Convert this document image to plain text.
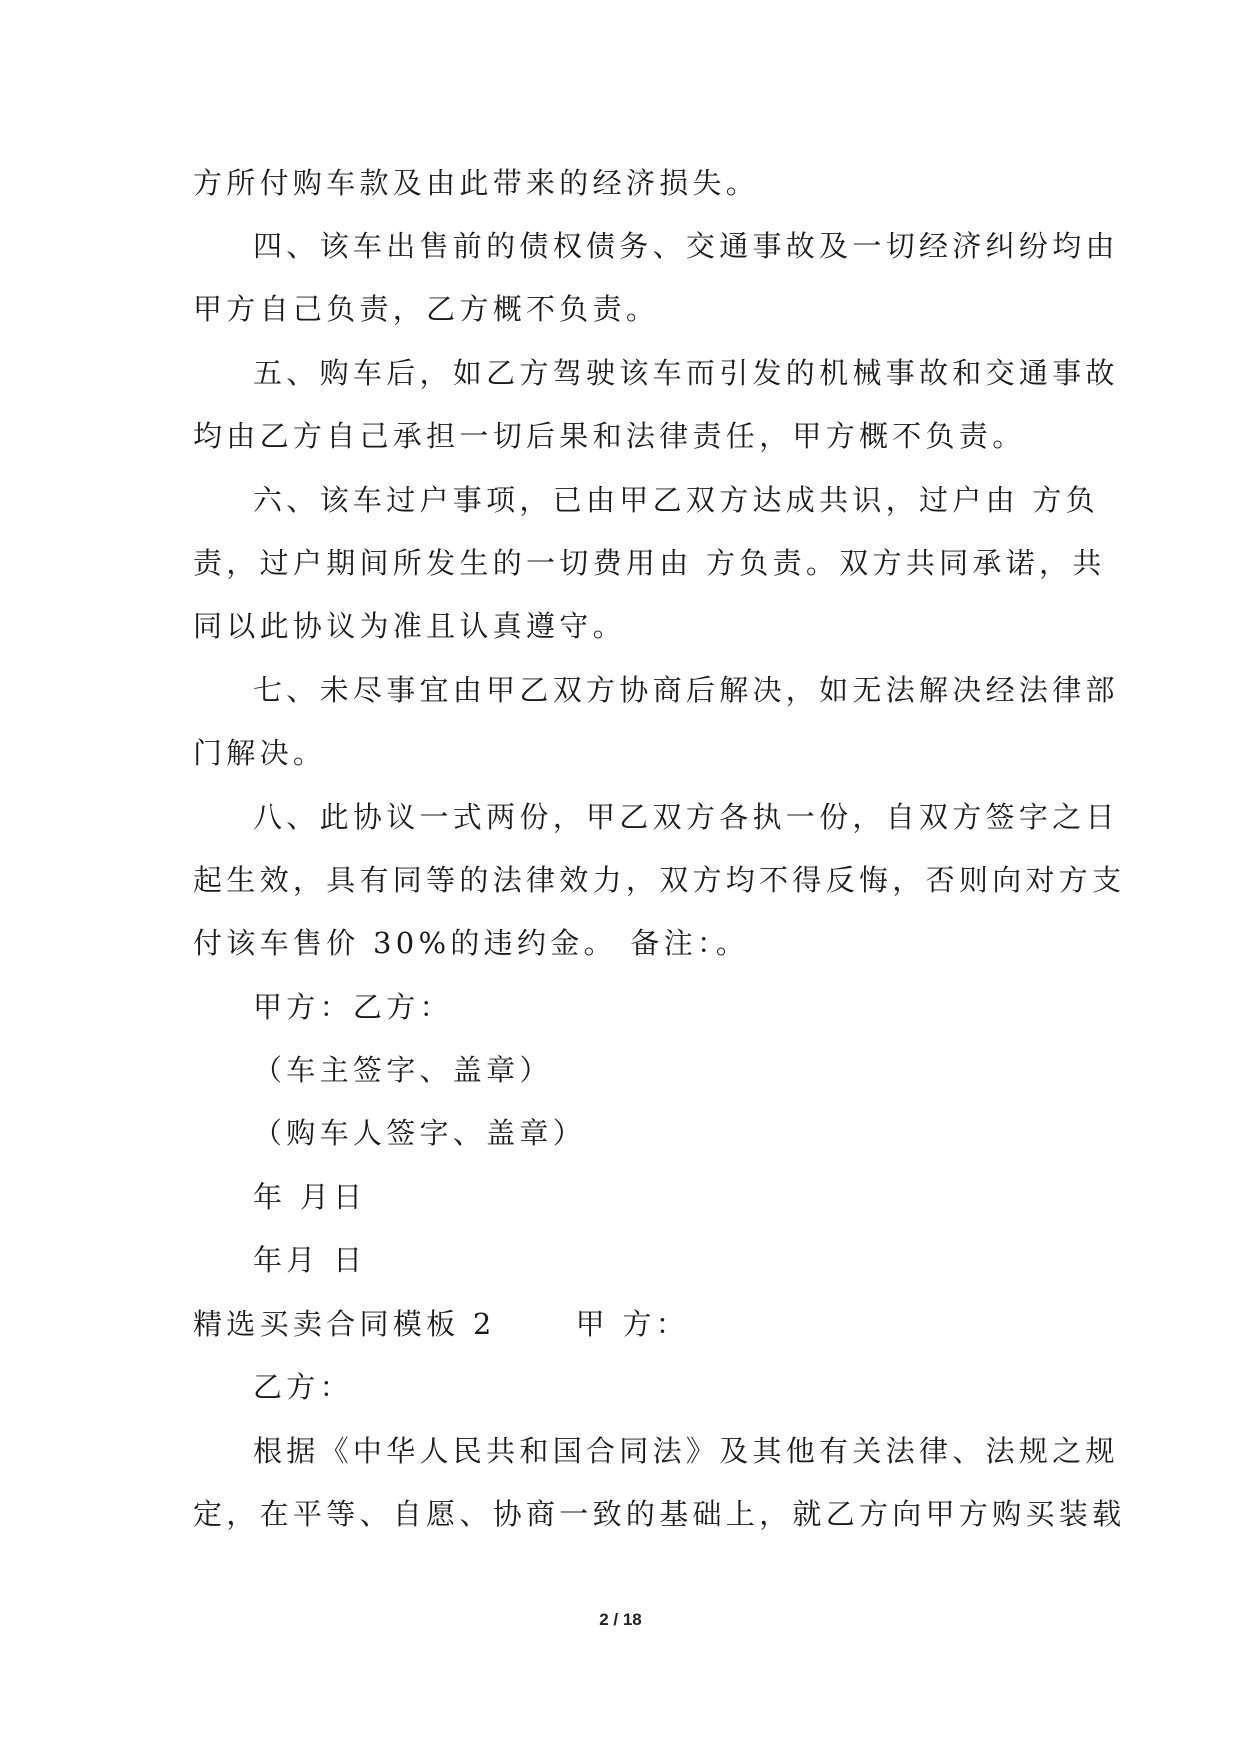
方所付购车款及由此带来的经济损失。
四、该车出售前的债权债务、交通事故及一切经济纠纷均由
甲方自己负责，乙方概不负责。
五、购车后，如乙方驾驶该车而引发的机械事故和交通事故
均由乙方自己承担一切后果和法律责任，甲方概不负责。
六、该车过户事项，已由甲乙双方达成共识，过户由 方负
责，过户期间所发生的一切费用由 方负责。双方共同承诺，共
同以此协议为准且认真遵守。
七、未尽事宜由甲乙双方协商后解决，如无法解决经法律部
门解决。
八、此协议一式两份，甲乙双方各执一份，自双方签字之日
起生效，具有同等的法律效力，双方均不得反悔，否则向对方支
付该车售价 30%的违约金。 备注：。
甲方：乙方：
（车主签字、盖章）
（购车人签字、盖章）
年 月日
年月 日
精选买卖合同模板 2	甲 方：
乙方：
根据《中华人民共和国合同法》及其他有关法律、法规之规
定，在平等、自愿、协商一致的基础上，就乙方向甲方购买装载
2 / 18
